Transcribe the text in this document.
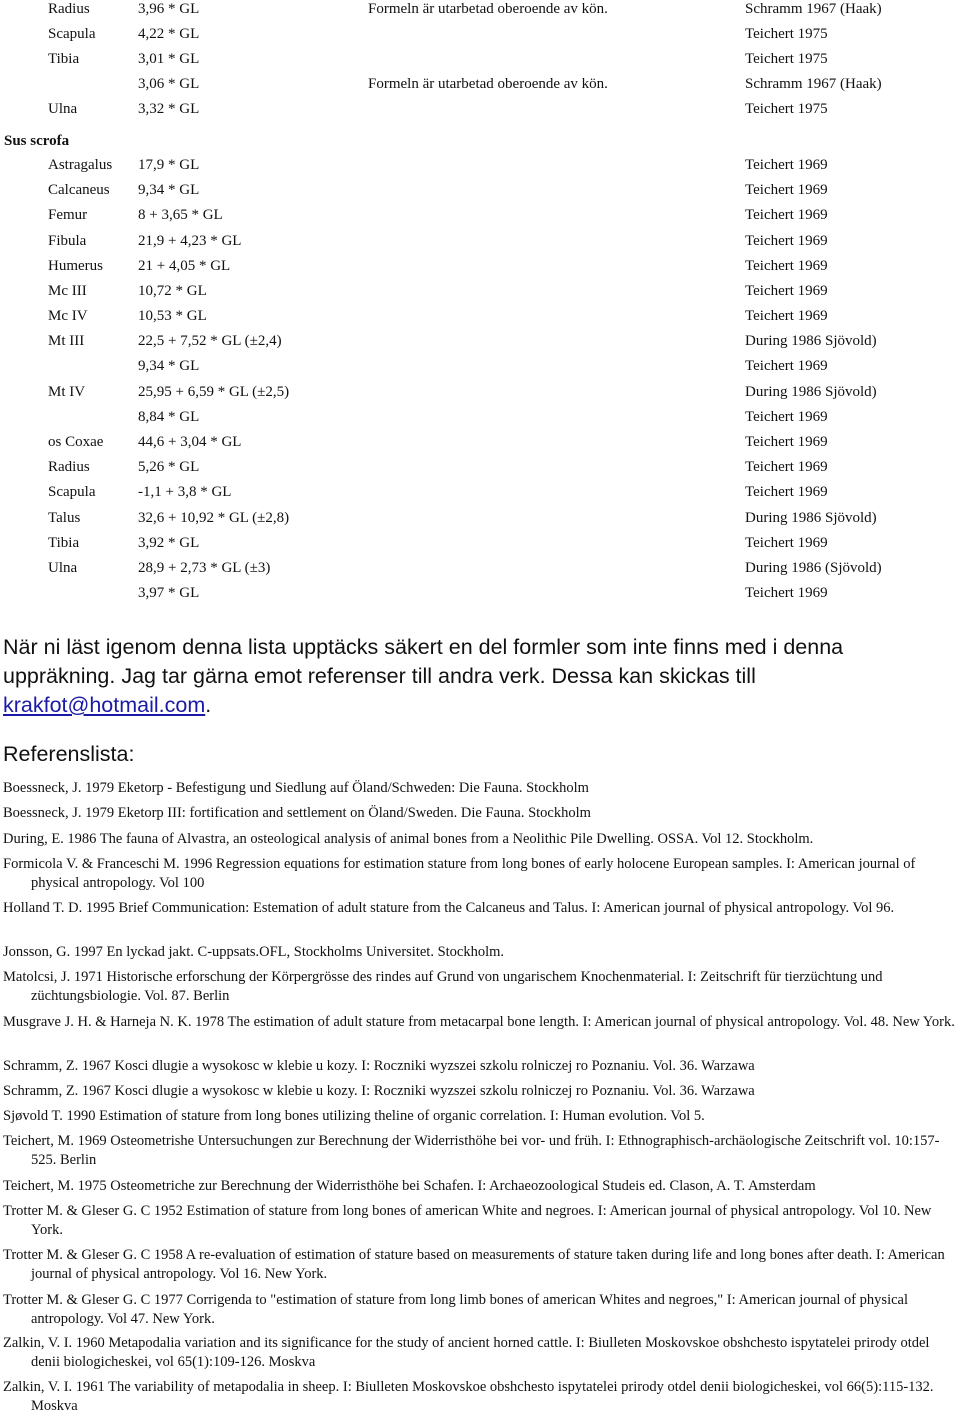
Radius	3,96 * GL	Formeln är utarbetad oberoende av kön.	Schramm 1967 (Haak)
Scapula	4,22 * GL	Teichert 1975
Tibia	3,01 * GL	Teichert 1975
3,06 * GL	Formeln är utarbetad oberoende av kön.	Schramm 1967 (Haak)
Ulna	3,32 * GL	Teichert 1975
Sus scrofa
Astragalus 17,9 * GL	Teichert 1969
Calcaneus 9,34 * GL	Teichert 1969
Femur	8 + 3,65 * GL	Teichert 1969
Fibula	21,9 + 4,23 * GL	Teichert 1969
Humerus 21 + 4,05 * GL	Teichert 1969
Mc III	10,72 * GL	Teichert 1969
Mc IV	10,53 * GL	Teichert 1969
Mt III	22,5 + 7,52 * GL (±2,4)	During 1986 Sjövold)
9,34 * GL	Teichert 1969
Mt IV	25,95 + 6,59 * GL (±2,5)	During 1986 Sjövold)
8,84 * GL	Teichert 1969
os Coxae 44,6 + 3,04 * GL	Teichert 1969
Radius	5,26 * GL	Teichert 1969
Scapula	-1,1 + 3,8 * GL	Teichert 1969
Talus	32,6 + 10,92 * GL (±2,8)	During 1986 Sjövold)
Tibia	3,92 * GL	Teichert 1969
Ulna	28,9 + 2,73 * GL (±3)	During 1986 (Sjövold)
3,97 * GL	Teichert 1969
När ni läst igenom denna lista upptäcks säkert en del formler som inte finns med i denna uppräkning. Jag tar gärna emot referenser till andra verk. Dessa kan skickas till krakfot@hotmail.com.
Referenslista:
Boessneck, J. 1979 Eketorp - Befestigung und Siedlung auf Öland/Schweden: Die Fauna. Stockholm
Boessneck, J. 1979 Eketorp III: fortification and settlement on Öland/Sweden. Die Fauna. Stockholm
During, E. 1986 The fauna of Alvastra, an osteological analysis of animal bones from a Neolithic Pile Dwelling. OSSA. Vol 12. Stockholm.
Formicola V. & Franceschi M. 1996 Regression equations for estimation stature from long bones of early holocene European samples. I: American journal of physical antropology. Vol 100
Holland T. D. 1995 Brief Communication: Estemation of adult stature from the Calcaneus and Talus. I: American journal of physical antropology. Vol 96.
Jonsson, G. 1997 En lyckad jakt. C-uppsats.OFL, Stockholms Universitet. Stockholm.
Matolcsi, J. 1971 Historische erforschung der Körpergrösse des rindes auf Grund von ungarischem Knochenmaterial. I: Zeitschrift für tierzüchtung und züchtungsbiologie. Vol. 87. Berlin
Musgrave J. H. & Harneja N. K. 1978 The estimation of adult stature from metacarpal bone length. I: American journal of physical antropology. Vol. 48. New York.
Schramm, Z. 1967 Kosci dlugie a wysokosc w klebie u kozy. I: Roczniki wyzszei szkolu rolniczej ro Poznaniu. Vol. 36. Warzawa
Schramm, Z. 1967 Kosci dlugie a wysokosc w klebie u kozy. I: Roczniki wyzszei szkolu rolniczej ro Poznaniu. Vol. 36. Warzawa
Sjøvold T. 1990 Estimation of stature from long bones utilizing theline of organic correlation. I: Human evolution. Vol 5.
Teichert, M. 1969 Osteometrishe Untersuchungen zur Berechnung der Widerristhöhe bei vor- und früh. I: Ethnographisch-archäologische Zeitschrift vol. 10:157-525. Berlin
Teichert, M. 1975 Osteometriche zur Berechnung der Widerristhöhe bei Schafen. I: Archaeozoological Studeis ed. Clason, A. T. Amsterdam
Trotter M. & Gleser G. C 1952 Estimation of stature from long bones of american White and negroes. I: American journal of physical antropology. Vol 10. New York.
Trotter M. & Gleser G. C 1958 A re-evaluation of estimation of stature based on measurements of stature taken during life and long bones after death. I: American journal of physical antropology. Vol 16. New York.
Trotter M. & Gleser G. C 1977 Corrigenda to "estimation of stature from long limb bones of american Whites and negroes," I: American journal of physical antropology. Vol 47. New York.
Zalkin, V. I. 1960 Metapodalia variation and its significance for the study of ancient horned cattle. I: Biulleten Moskovskoe obshchesto ispytatelei prirody otdel denii biologicheskei, vol 65(1):109-126. Moskva
Zalkin, V. I. 1961 The variability of metapodalia in sheep. I: Biulleten Moskovskoe obshchesto ispytatelei prirody otdel denii biologicheskei, vol 66(5):115-132. Moskva
